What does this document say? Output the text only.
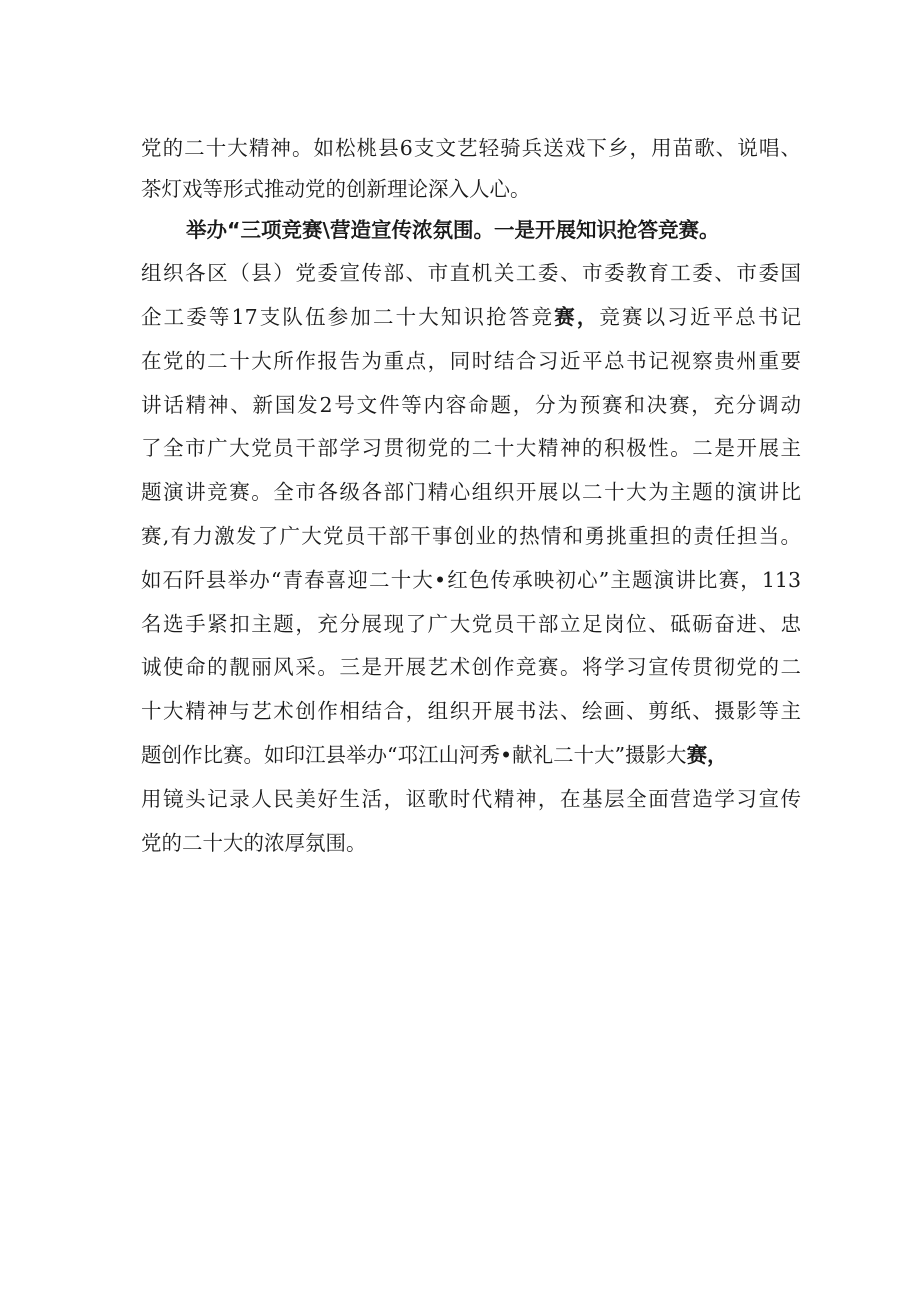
党的二十大精神。如松桃县6支文艺轻骑兵送戏下乡，用苗歌、说唱、
茶灯戏等形式推动党的创新理论深入人心。
举办“三项竞赛\营造宣传浓氛围。一是开展知识抢答竞赛。
组织各区（县）党委宣传部、市直机关工委、市委教育工委、市委国
企工委等17支队伍参加二十大知识抢答竞赛，竞赛以习近平总书记
在党的二十大所作报告为重点，同时结合习近平总书记视察贵州重要
讲话精神、新国发2号文件等内容命题，分为预赛和决赛，充分调动
了全市广大党员干部学习贯彻党的二十大精神的积极性。二是开展主
题演讲竞赛。全市各级各部门精心组织开展以二十大为主题的演讲比
赛,有力激发了广大党员干部干事创业的热情和勇挑重担的责任担当。
如石阡县举办“青春喜迎二十大•红色传承映初心”主题演讲比赛，113
名选手紧扣主题，充分展现了广大党员干部立足岗位、砥砺奋进、忠
诚使命的靓丽风采。三是开展艺术创作竞赛。将学习宣传贯彻党的二
十大精神与艺术创作相结合，组织开展书法、绘画、剪纸、摄影等主
题创作比赛。如印江县举办“邛江山河秀•献礼二十大”摄影大赛，
用镜头记录人民美好生活，讴歌时代精神，在基层全面营造学习宣传
党的二十大的浓厚氛围。
